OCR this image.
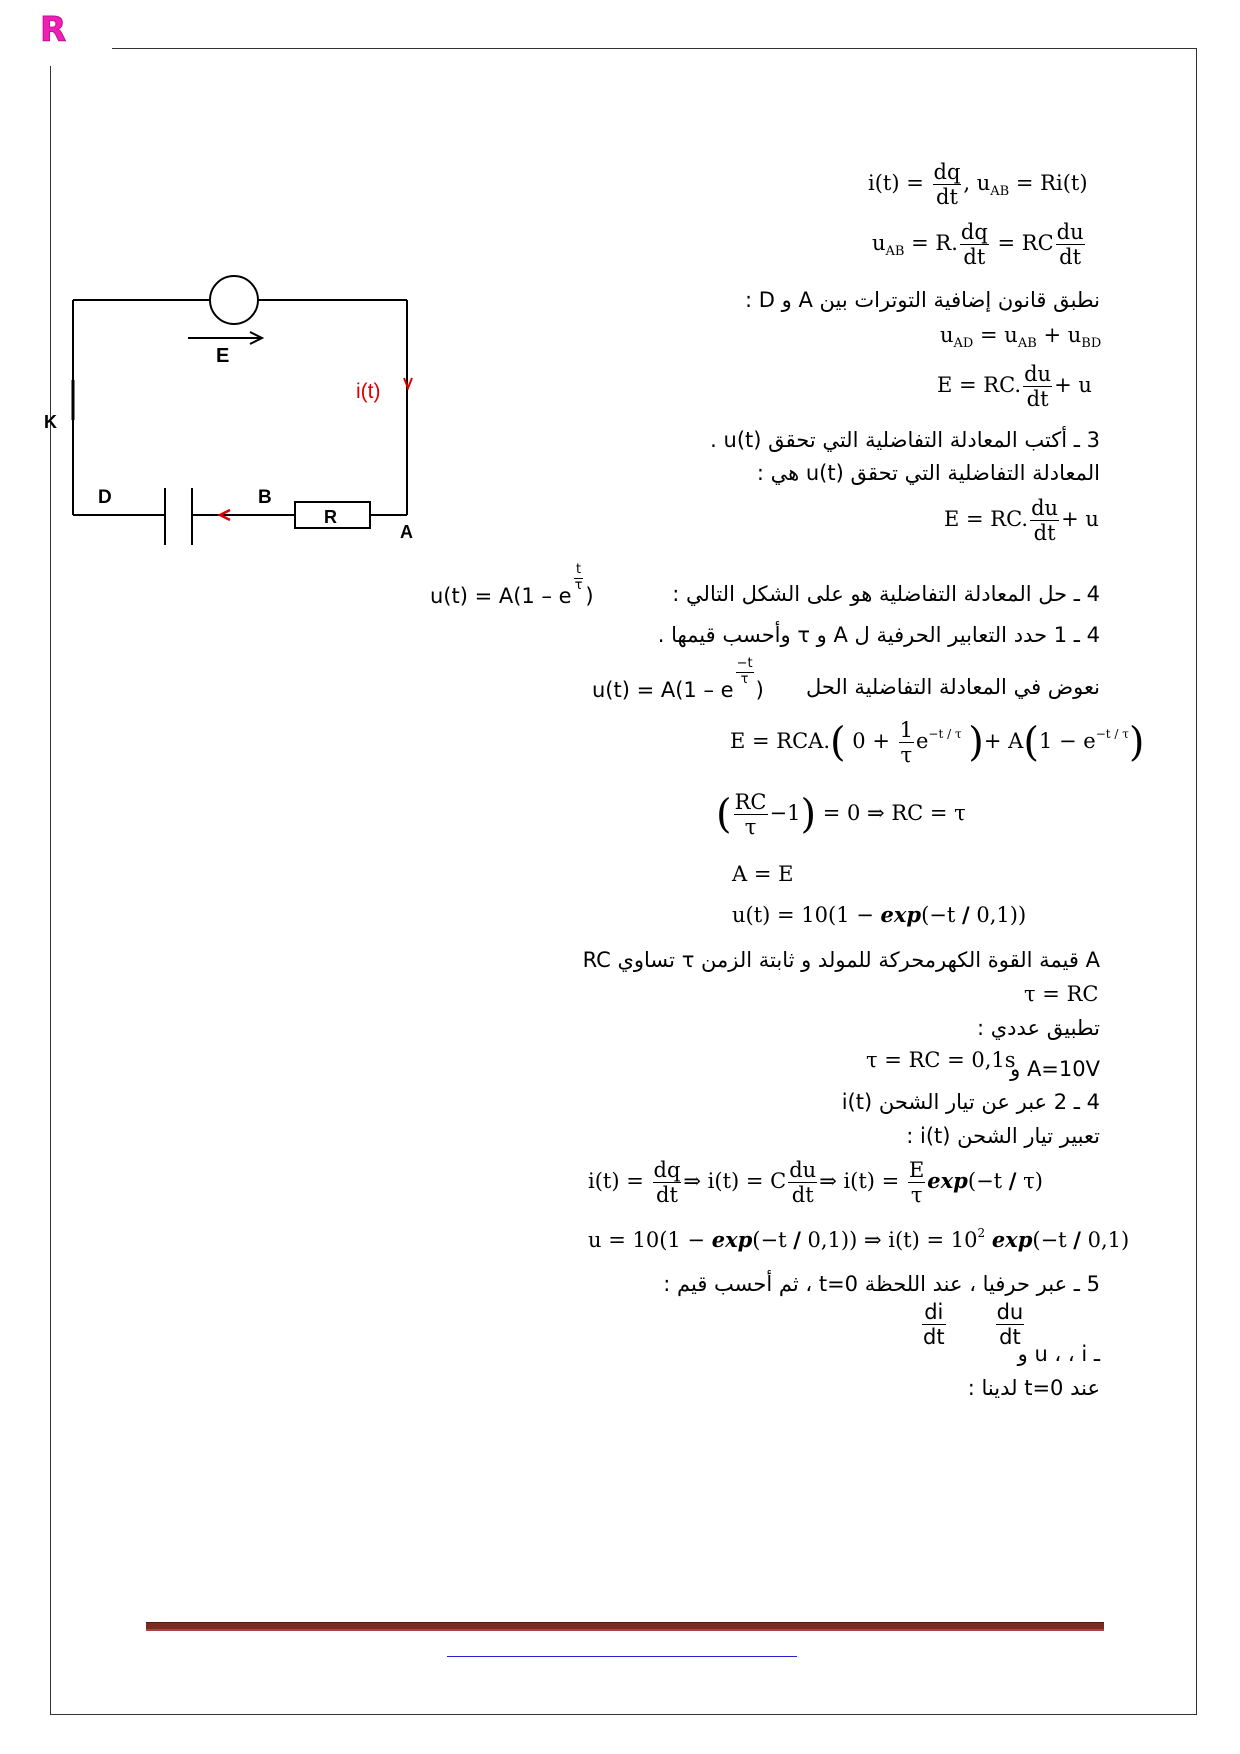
R
E
K
D	B
R
A
i(t)
$i(t) = \frac{dq}{dt}$ , $u_{AB} = Ri(t)$
$u_{AB} = R$. $\frac{dq}{dt}$ = RC $\frac{du}{dt}$
نطبق قانون إضافية التوترات بين A و D :
$u_{AD} = u_{AB} + u_{BD}$
E = RC. $\frac{du}{dt} + u$
3 ـ أكتب المعادلة التفاضلية التي تحقق u(t) .
المعادلة التفاضلية التي تحقق u(t) هي :
E = RC. $\frac{du}{dt} + u$
4 ـ حل المعادلة التفاضلية هو على الشكل التالي :
u(t) = A(1 – e
$\frac{t}{\tau}$
)
4 ـ 1 حدد التعابير الحرفية ل A و τ وأحسب قيمها .
نعوض في المعادلة التفاضلية الحل
u(t) = A(1 – e
$\frac{-t}{\tau}$
)
E = RCA.( $0 + \frac{1}{\tau} e^{-t / \tau}$ )+ $A(1 - e^{-t / \tau})$
( $\frac{RC}{\tau} -1) = 0$ ⇒ RC = τ
A = E
u(t) = 10(1 − exp(−t / 0,1))
A قيمة القوة الكهرمحركة للمولد و ثابتة الزمن τ تساوي RC
τ = RC
تطبيق عددي :
A=10V و
τ = RC = 0,1s
4 ـ 2 عبر عن تيار الشحن i(t)
تعبير تيار الشحن i(t) :
$i(t) = \frac{dq}{dt}$ ⇒ i(t) = C $\frac{du}{dt}$ ⇒ $i(t) = \frac{E}{\tau} \exp(-t / \tau)$
u = 10(1 − exp(−t / 0,1)) ⇒ $i(t) = 10^2$ exp(−t / 0,1)
5 ـ عبر حرفيا ، عند اللحظة t=0 ، ثم أحسب قيم :
$\frac{di}{dt} \frac{du}{dt}$
ـ u ، ، i و
عند t=0 لدينا :
